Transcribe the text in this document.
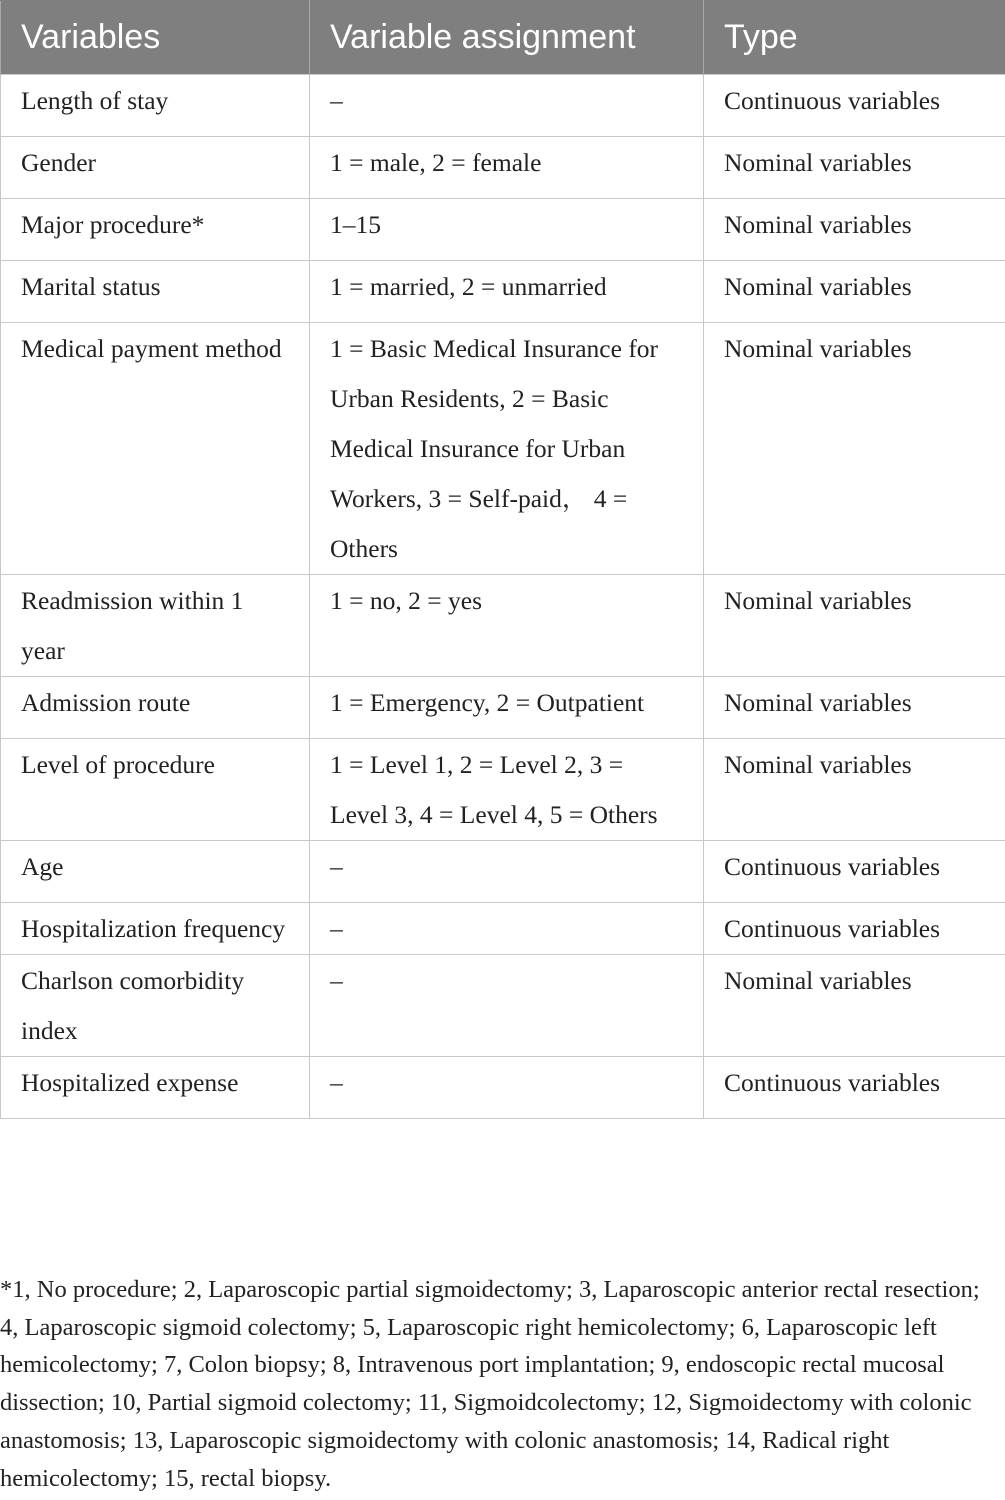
Variables	Variable assignment	Type

Length of stay	–	Continuous variables

Gender	1 = male, 2 = female	Nominal variables

Major procedure*	1–15	Nominal variables

Marital status	1 = married, 2 = unmarried	Nominal variables

Medical payment method	1 = Basic Medical Insurance for Urban Residents, 2 = Basic Medical Insurance for Urban Workers, 3 = Self-paid， 4 = Others	Nominal variables

Readmission within 1 year	1 = no, 2 = yes	Nominal variables

Admission route	1 = Emergency, 2 = Outpatient	Nominal variables

Level of procedure	1 = Level 1, 2 = Level 2, 3 = Level 3, 4 = Level 4, 5 = Others	Nominal variables

Age	–	Continuous variables

Hospitalization frequency	–	Continuous variables

Charlson comorbidity index	–	Nominal variables

Hospitalized expense	–	Continuous variables

*1, No procedure; 2, Laparoscopic partial sigmoidectomy; 3, Laparoscopic anterior rectal resection; 4, Laparoscopic sigmoid colectomy; 5, Laparoscopic right hemicolectomy; 6, Laparoscopic left hemicolectomy; 7, Colon biopsy; 8, Intravenous port implantation; 9, endoscopic rectal mucosal dissection; 10, Partial sigmoid colectomy; 11, Sigmoidcolectomy; 12, Sigmoidectomy with colonic anastomosis; 13, Laparoscopic sigmoidectomy with colonic anastomosis; 14, Radical right hemicolectomy; 15, rectal biopsy.
